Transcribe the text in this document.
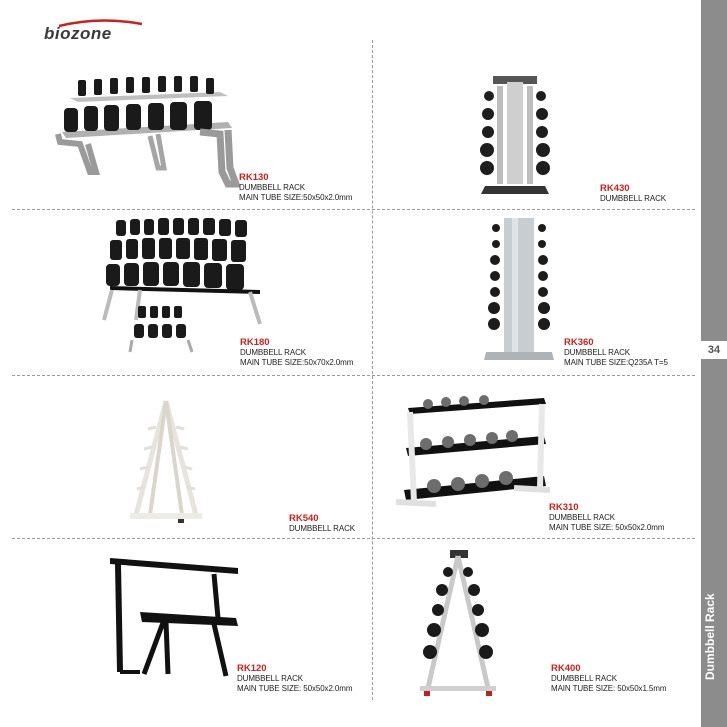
biozone
34
Dumbbell Rack
RK130
DUMBBELL RACK
MAIN TUBE SIZE:50x50x2.0mm
RK430
DUMBBELL RACK
RK180
DUMBBELL RACK
MAIN TUBE SIZE:50x70x2.0mm
RK360
DUMBBELL RACK
MAIN TUBE SIZE:Q235A T=5
RK540
DUMBBELL RACK
RK310
DUMBBELL RACK
MAIN TUBE SIZE: 50x50x2.0mm
RK120
DUMBBELL RACK
MAIN TUBE SIZE: 50x50x2.0mm
RK400
DUMBBELL RACK
MAIN TUBE SIZE: 50x50x1.5mm
